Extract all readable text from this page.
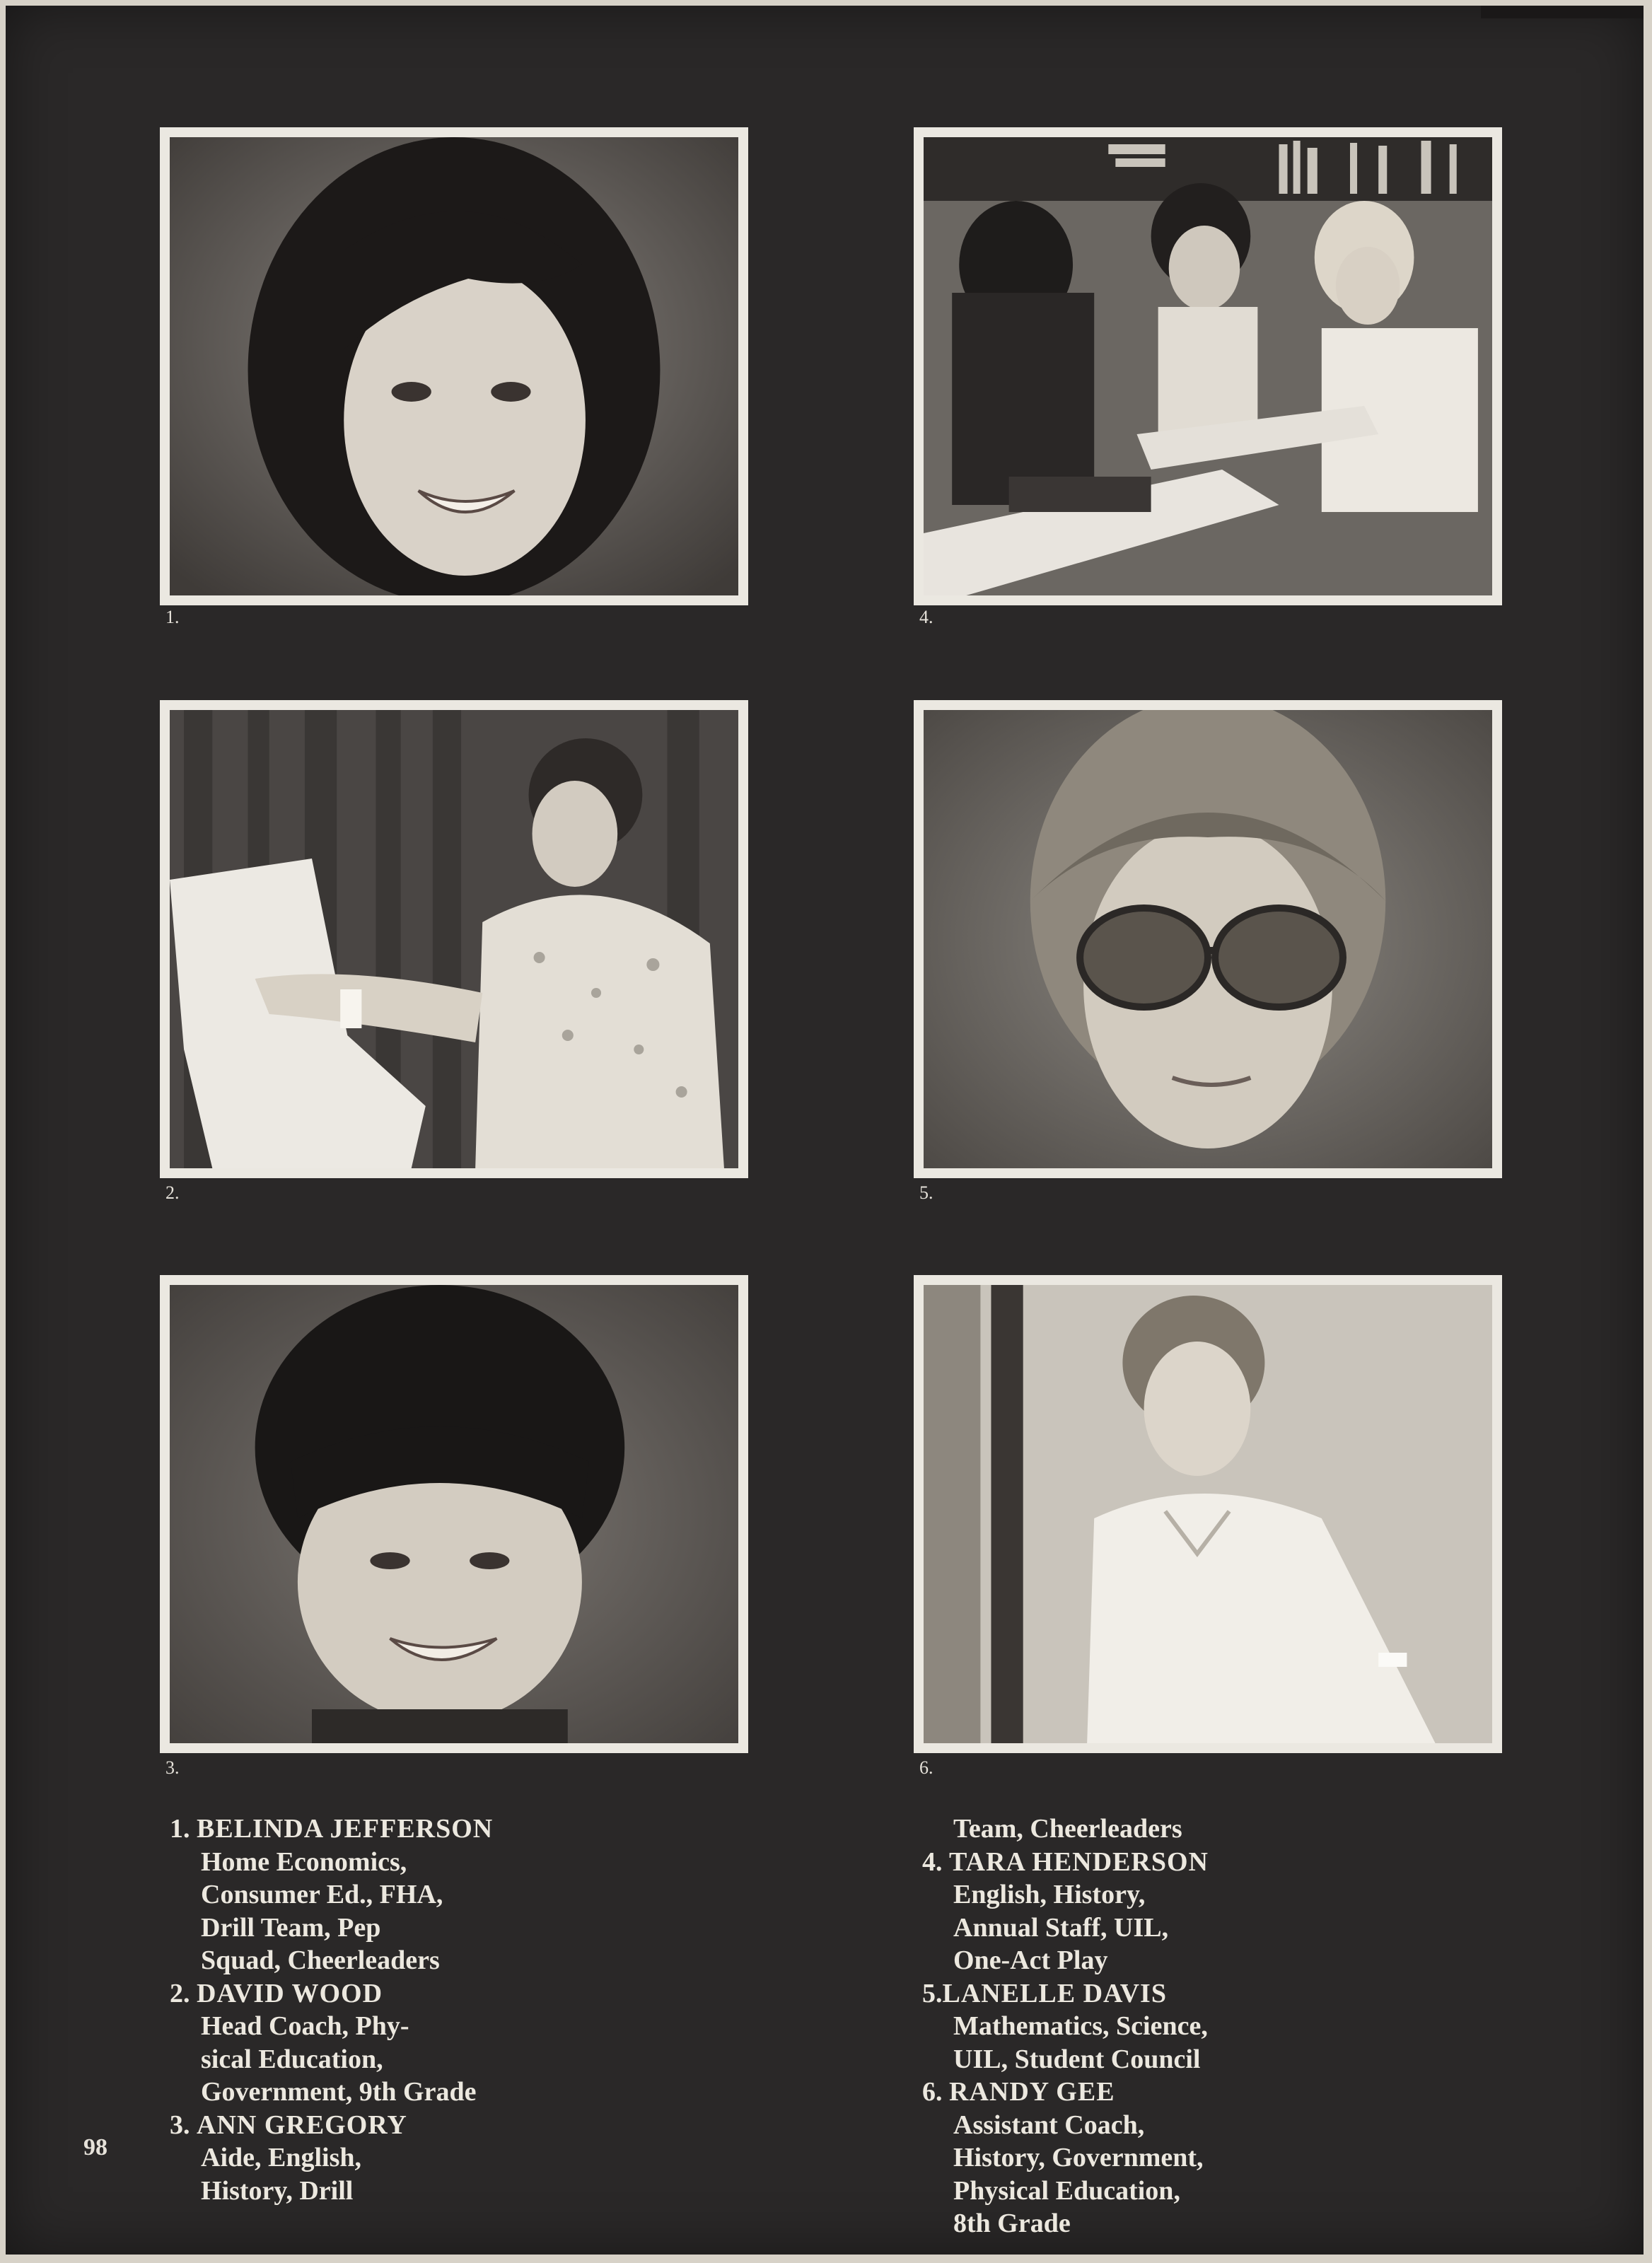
1.	4.
2.	5.
3.	6.
1. BELINDA JEFFERSON
Home Economics,
Consumer Ed., FHA,
Drill Team, Pep
Squad, Cheerleaders
2. DAVID WOOD
Head Coach, Phy-
sical Education,
Government, 9th Grade
3. ANN GREGORY
Aide, English,
History, Drill
Team, Cheerleaders
4. TARA HENDERSON
English, History,
Annual Staff, UIL,
One-Act Play
5.LANELLE DAVIS
Mathematics, Science,
UIL, Student Council
6. RANDY GEE
Assistant Coach,
History, Government,
Physical Education,
8th Grade
98
